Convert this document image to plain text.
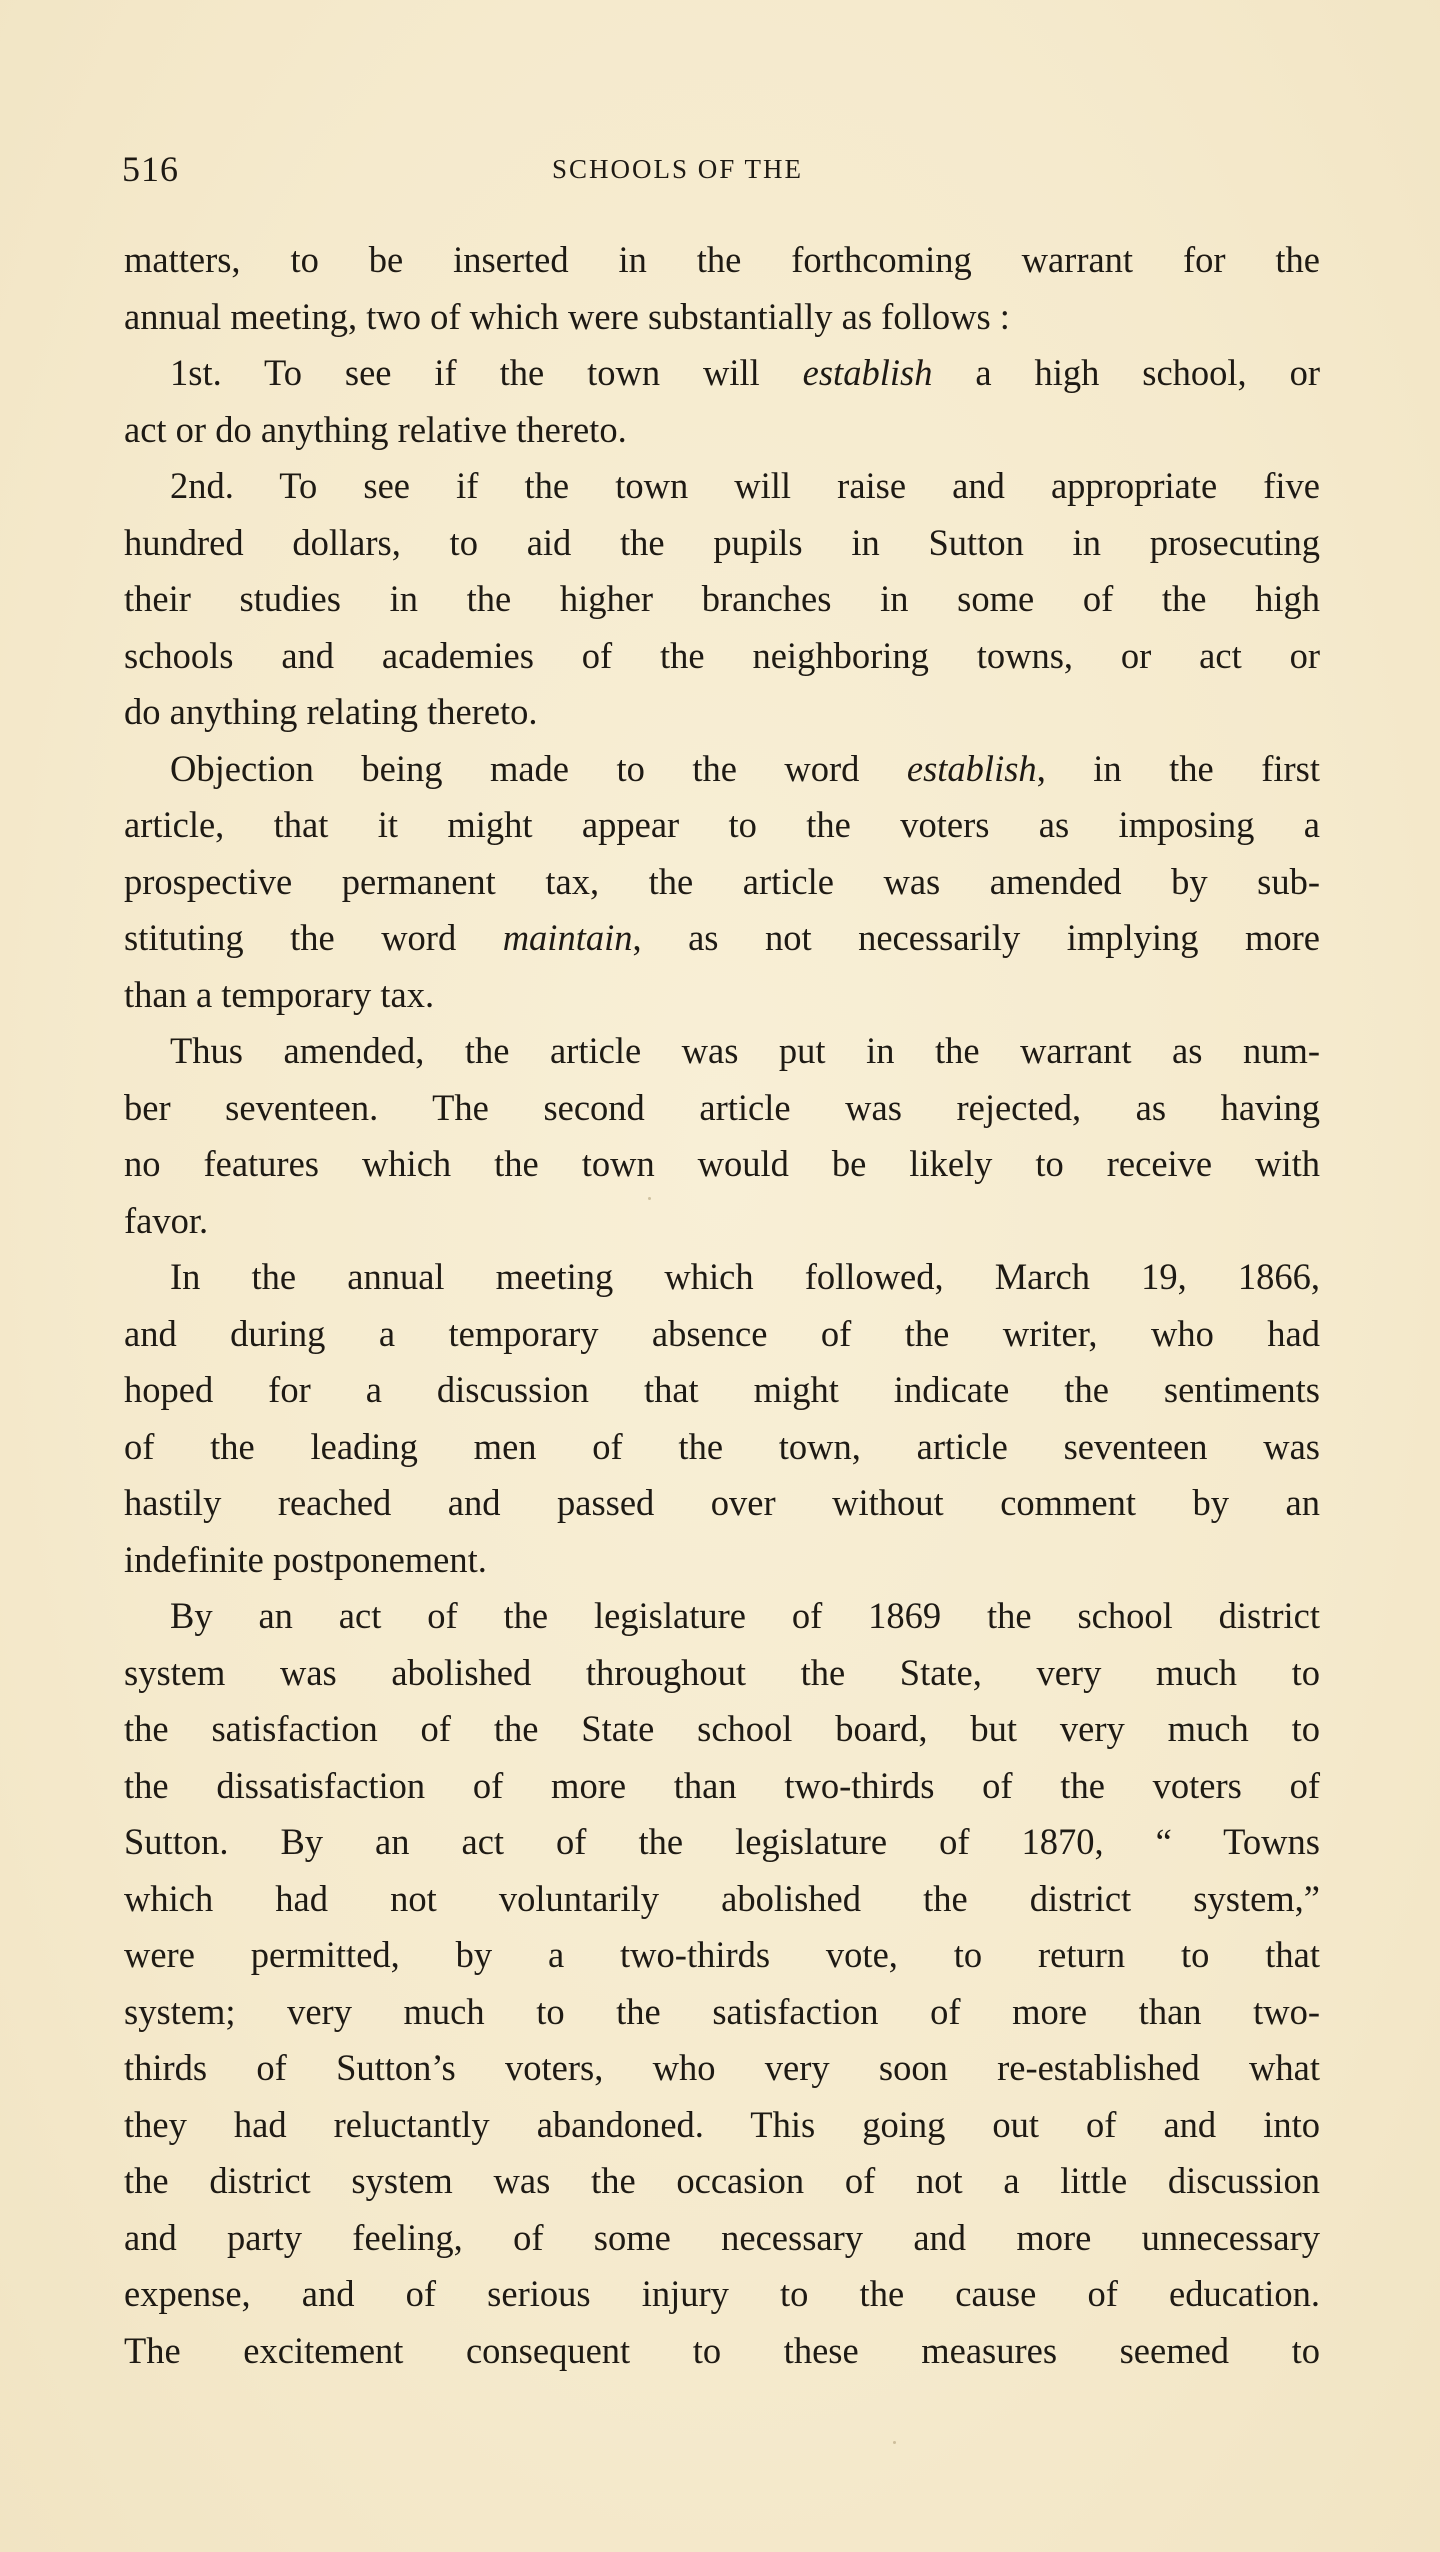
516	SCHOOLS OF THE
matters, to be inserted in the forthcoming warrant for the
annual meeting, two of which were substantially as follows :
1st. To see if the town will establish a high school, or
act or do anything relative thereto.
2nd. To see if the town will raise and appropriate five
hundred dollars, to aid the pupils in Sutton in prosecuting
their studies in the higher branches in some of the high
schools and academies of the neighboring towns, or act or
do anything relating thereto.
Objection being made to the word establish, in the first
article, that it might appear to the voters as imposing a
prospective permanent tax, the article was amended by sub-
stituting the word maintain, as not necessarily implying more
than a temporary tax.
Thus amended, the article was put in the warrant as num-
ber seventeen. The second article was rejected, as having
no features which the town would be likely to receive with
favor.
In the annual meeting which followed, March 19, 1866,
and during a temporary absence of the writer, who had
hoped for a discussion that might indicate the sentiments
of the leading men of the town, article seventeen was
hastily reached and passed over without comment by an
indefinite postponement.
By an act of the legislature of 1869 the school district
system was abolished throughout the State, very much to
the satisfaction of the State school board, but very much to
the dissatisfaction of more than two-thirds of the voters of
Sutton. By an act of the legislature of 1870, “ Towns
which had not voluntarily abolished the district system,”
were permitted, by a two-thirds vote, to return to that
system; very much to the satisfaction of more than two-
thirds of Sutton’s voters, who very soon re-established what
they had reluctantly abandoned. This going out of and into
the district system was the occasion of not a little discussion
and party feeling, of some necessary and more unnecessary
expense, and of serious injury to the cause of education.
The excitement consequent to these measures seemed to
